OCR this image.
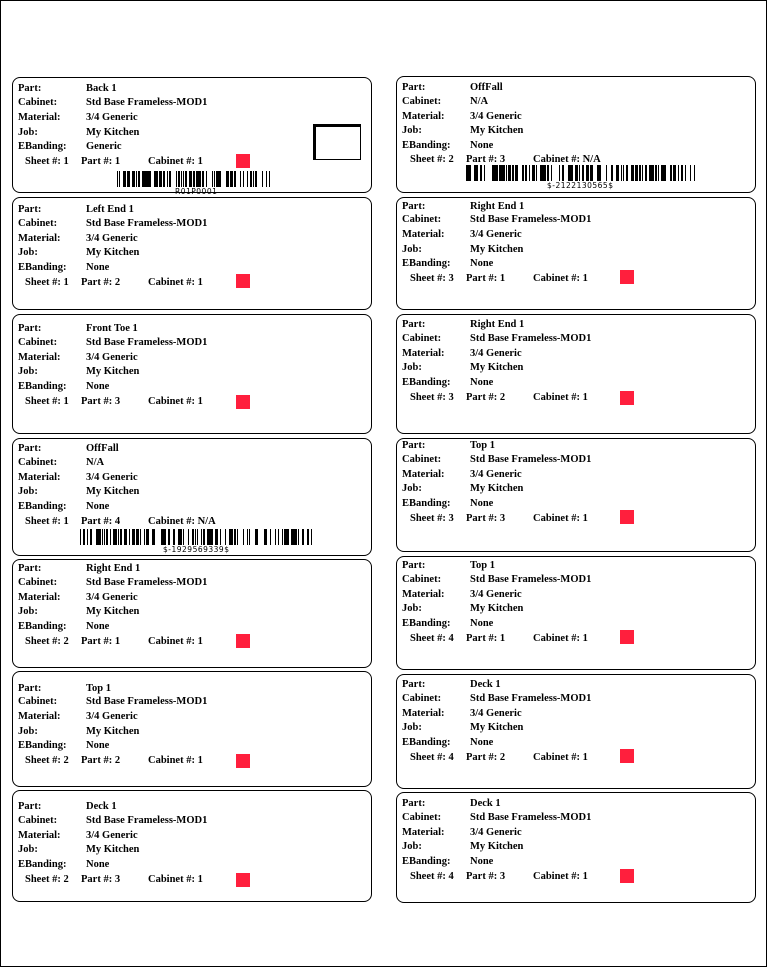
Part:	Back 1
Cabinet:	Std Base Frameless-MOD1
Material: 3/4 Generic
Job:	My Kitchen
EBanding: Generic
Sheet #: 1 Part #: 1	Cabinet #: 1
R01P0001
Part:	OffFall
Cabinet:	N/A
Material: 3/4 Generic
Job:	My Kitchen
EBanding: None
Sheet #: 2 Part #: 3	Cabinet #: N/A
$-2122130565$
Part:	Left End 1
Cabinet:	Std Base Frameless-MOD1
Material: 3/4 Generic
Job:	My Kitchen
EBanding: None
Sheet #: 1 Part #: 2	Cabinet #: 1
Part:	Right End 1
Cabinet:	Std Base Frameless-MOD1
Material: 3/4 Generic
Job:	My Kitchen
EBanding: None
Sheet #: 3 Part #: 1	Cabinet #: 1
Part:	Front Toe 1
Cabinet:	Std Base Frameless-MOD1
Material: 3/4 Generic
Job:	My Kitchen
EBanding: None
Sheet #: 1 Part #: 3	Cabinet #: 1
Part:	Right End 1
Cabinet:	Std Base Frameless-MOD1
Material: 3/4 Generic
Job:	My Kitchen
EBanding: None
Sheet #: 3 Part #: 2	Cabinet #: 1
Part:	OffFall
Cabinet:	N/A
Material: 3/4 Generic
Job:	My Kitchen
EBanding: None
Sheet #: 1 Part #: 4	Cabinet #: N/A
$-1929569339$
Part:	Top 1
Cabinet:	Std Base Frameless-MOD1
Material: 3/4 Generic
Job:	My Kitchen
EBanding: None
Sheet #: 3 Part #: 3	Cabinet #: 1
Part:	Right End 1
Cabinet:	Std Base Frameless-MOD1
Material: 3/4 Generic
Job:	My Kitchen
EBanding: None
Sheet #: 2 Part #: 1	Cabinet #: 1
Part:	Top 1
Cabinet:	Std Base Frameless-MOD1
Material: 3/4 Generic
Job:	My Kitchen
EBanding: None
Sheet #: 4 Part #: 1	Cabinet #: 1
Part:	Top 1
Cabinet:	Std Base Frameless-MOD1
Material: 3/4 Generic
Job:	My Kitchen
EBanding: None
Sheet #: 2 Part #: 2	Cabinet #: 1
Part:	Deck 1
Cabinet:	Std Base Frameless-MOD1
Material: 3/4 Generic
Job:	My Kitchen
EBanding: None
Sheet #: 4 Part #: 2	Cabinet #: 1
Part:	Deck 1
Cabinet:	Std Base Frameless-MOD1
Material: 3/4 Generic
Job:	My Kitchen
EBanding: None
Sheet #: 2 Part #: 3	Cabinet #: 1
Part:	Deck 1
Cabinet:	Std Base Frameless-MOD1
Material: 3/4 Generic
Job:	My Kitchen
EBanding: None
Sheet #: 4 Part #: 3	Cabinet #: 1
